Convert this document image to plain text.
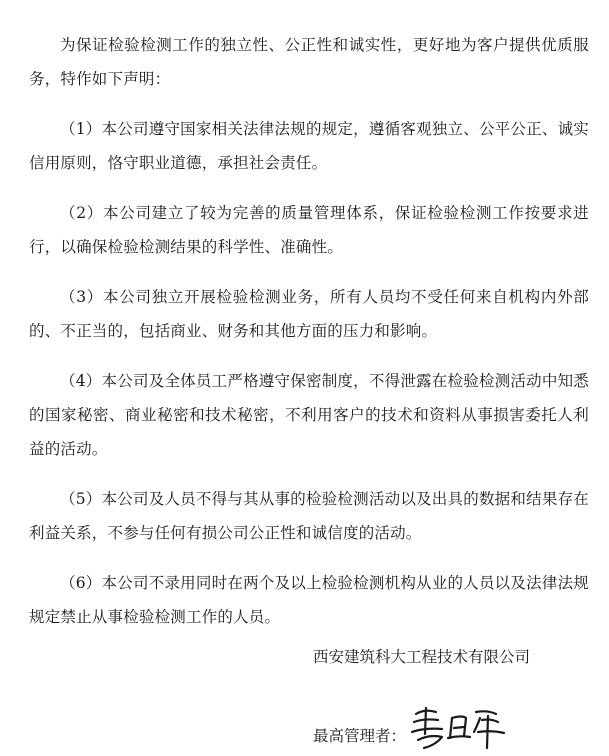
为保证检验检测工作的独立性、公正性和诚实性，更好地为客户提供优质服务，特作如下声明：

（1）本公司遵守国家相关法律法规的规定，遵循客观独立、公平公正、诚实信用原则，恪守职业道德，承担社会责任。

（2）本公司建立了较为完善的质量管理体系，保证检验检测工作按要求进行，以确保检验检测结果的科学性、准确性。

（3）本公司独立开展检验检测业务，所有人员均不受任何来自机构内外部的、不正当的，包括商业、财务和其他方面的压力和影响。

（4）本公司及全体员工严格遵守保密制度，不得泄露在检验检测活动中知悉的国家秘密、商业秘密和技术秘密，不利用客户的技术和资料从事损害委托人利益的活动。

（5）本公司及人员不得与其从事的检验检测活动以及出具的数据和结果存在利益关系，不参与任何有损公司公正性和诚信度的活动。

（6）本公司不录用同时在两个及以上检验检测机构从业的人员以及法律法规规定禁止从事检验检测工作的人员。

西安建筑科大工程技术有限公司

最高管理者：
